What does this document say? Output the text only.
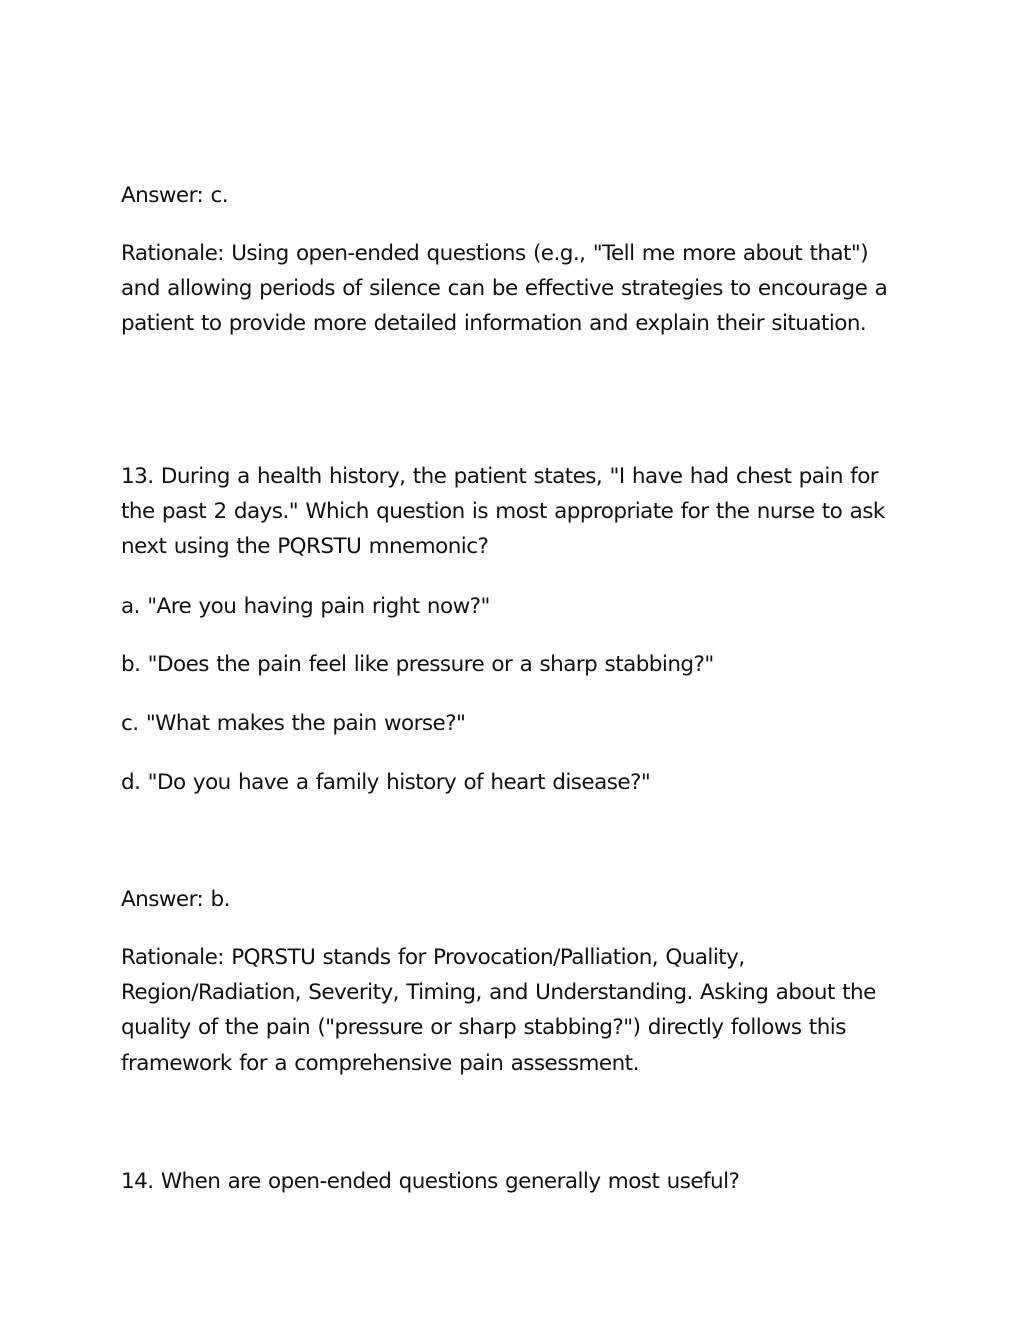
Answer: c.

Rationale: Using open-ended questions (e.g., "Tell me more about that") and allowing periods of silence can be effective strategies to encourage a patient to provide more detailed information and explain their situation.

13. During a health history, the patient states, "I have had chest pain for the past 2 days." Which question is most appropriate for the nurse to ask next using the PQRSTU mnemonic?

a. "Are you having pain right now?"

b. "Does the pain feel like pressure or a sharp stabbing?"

c. "What makes the pain worse?"

d. "Do you have a family history of heart disease?"

Answer: b.

Rationale: PQRSTU stands for Provocation/Palliation, Quality, Region/Radiation, Severity, Timing, and Understanding. Asking about the quality of the pain ("pressure or sharp stabbing?") directly follows this framework for a comprehensive pain assessment.

14. When are open-ended questions generally most useful?
